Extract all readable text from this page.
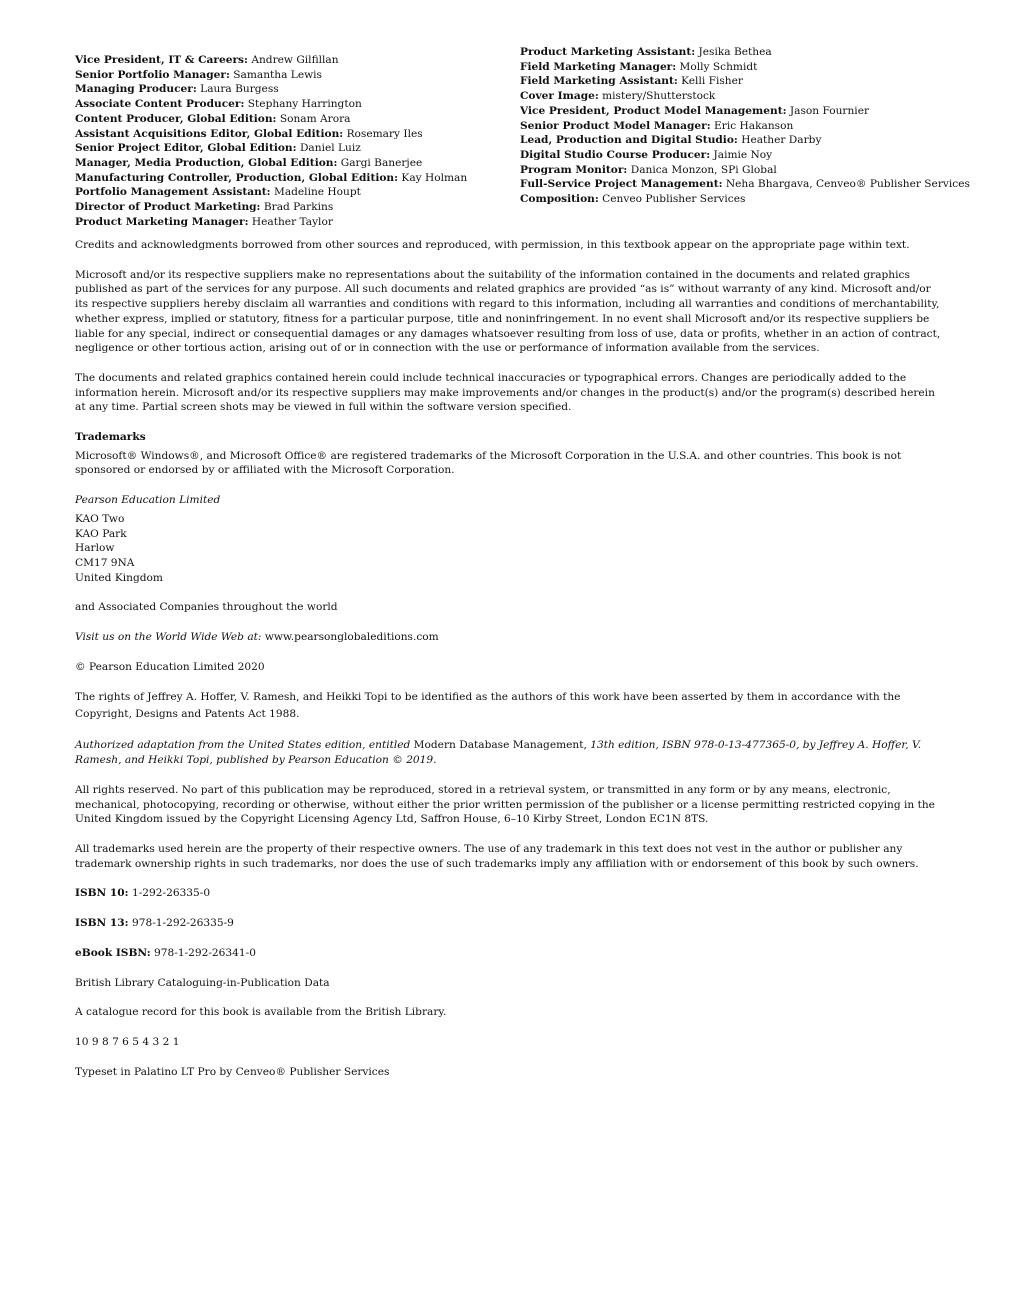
Vice President, IT & Careers: Andrew Gilfillan
Senior Portfolio Manager: Samantha Lewis
Managing Producer: Laura Burgess
Associate Content Producer: Stephany Harrington
Content Producer, Global Edition: Sonam Arora
Assistant Acquisitions Editor, Global Edition: Rosemary Iles
Senior Project Editor, Global Edition: Daniel Luiz
Manager, Media Production, Global Edition: Gargi Banerjee
Manufacturing Controller, Production, Global Edition: Kay Holman
Portfolio Management Assistant: Madeline Houpt
Director of Product Marketing: Brad Parkins
Product Marketing Manager: Heather Taylor
Product Marketing Assistant: Jesika Bethea
Field Marketing Manager: Molly Schmidt
Field Marketing Assistant: Kelli Fisher
Cover Image: mistery/Shutterstock
Vice President, Product Model Management: Jason Fournier
Senior Product Model Manager: Eric Hakanson
Lead, Production and Digital Studio: Heather Darby
Digital Studio Course Producer: Jaimie Noy
Program Monitor: Danica Monzon, SPi Global
Full-Service Project Management: Neha Bhargava, Cenveo® Publisher Services
Composition: Cenveo Publisher Services

Credits and acknowledgments borrowed from other sources and reproduced, with permission, in this textbook appear on the appropriate page within text.

Microsoft and/or its respective suppliers make no representations about the suitability of the information contained in the documents and related graphics published as part of the services for any purpose. All such documents and related graphics are provided “as is” without warranty of any kind. Microsoft and/or its respective suppliers hereby disclaim all warranties and conditions with regard to this information, including all warranties and conditions of merchantability, whether express, implied or statutory, fitness for a particular purpose, title and noninfringement. In no event shall Microsoft and/or its respective suppliers be liable for any special, indirect or consequential damages or any damages whatsoever resulting from loss of use, data or profits, whether in an action of contract, negligence or other tortious action, arising out of or in connection with the use or performance of information available from the services.

The documents and related graphics contained herein could include technical inaccuracies or typographical errors. Changes are periodically added to the information herein. Microsoft and/or its respective suppliers may make improvements and/or changes in the product(s) and/or the program(s) described herein at any time. Partial screen shots may be viewed in full within the software version specified.

Trademarks

Microsoft® Windows®, and Microsoft Office® are registered trademarks of the Microsoft Corporation in the U.S.A. and other countries. This book is not sponsored or endorsed by or affiliated with the Microsoft Corporation.

Pearson Education Limited

KAO Two

KAO Park

Harlow

CM17 9NA

United Kingdom

and Associated Companies throughout the world

Visit us on the World Wide Web at: www.pearsonglobaleditions.com

© Pearson Education Limited 2020

The rights of Jeffrey A. Hoffer, V. Ramesh, and Heikki Topi to be identified as the authors of this work have been asserted by them in accordance with the Copyright, Designs and Patents Act 1988.

Authorized adaptation from the United States edition, entitled Modern Database Management, 13th edition, ISBN 978-0-13-477365-0, by Jeffrey A. Hoffer, V. Ramesh, and Heikki Topi, published by Pearson Education © 2019.

All rights reserved. No part of this publication may be reproduced, stored in a retrieval system, or transmitted in any form or by any means, electronic, mechanical, photocopying, recording or otherwise, without either the prior written permission of the publisher or a license permitting restricted copying in the United Kingdom issued by the Copyright Licensing Agency Ltd, Saffron House, 6–10 Kirby Street, London EC1N 8TS.

All trademarks used herein are the property of their respective owners. The use of any trademark in this text does not vest in the author or publisher any trademark ownership rights in such trademarks, nor does the use of such trademarks imply any affiliation with or endorsement of this book by such owners.

ISBN 10: 1-292-26335-0

ISBN 13: 978-1-292-26335-9

eBook ISBN: 978-1-292-26341-0

British Library Cataloguing-in-Publication Data

A catalogue record for this book is available from the British Library.

10 9 8 7 6 5 4 3 2 1

Typeset in Palatino LT Pro by Cenveo® Publisher Services
